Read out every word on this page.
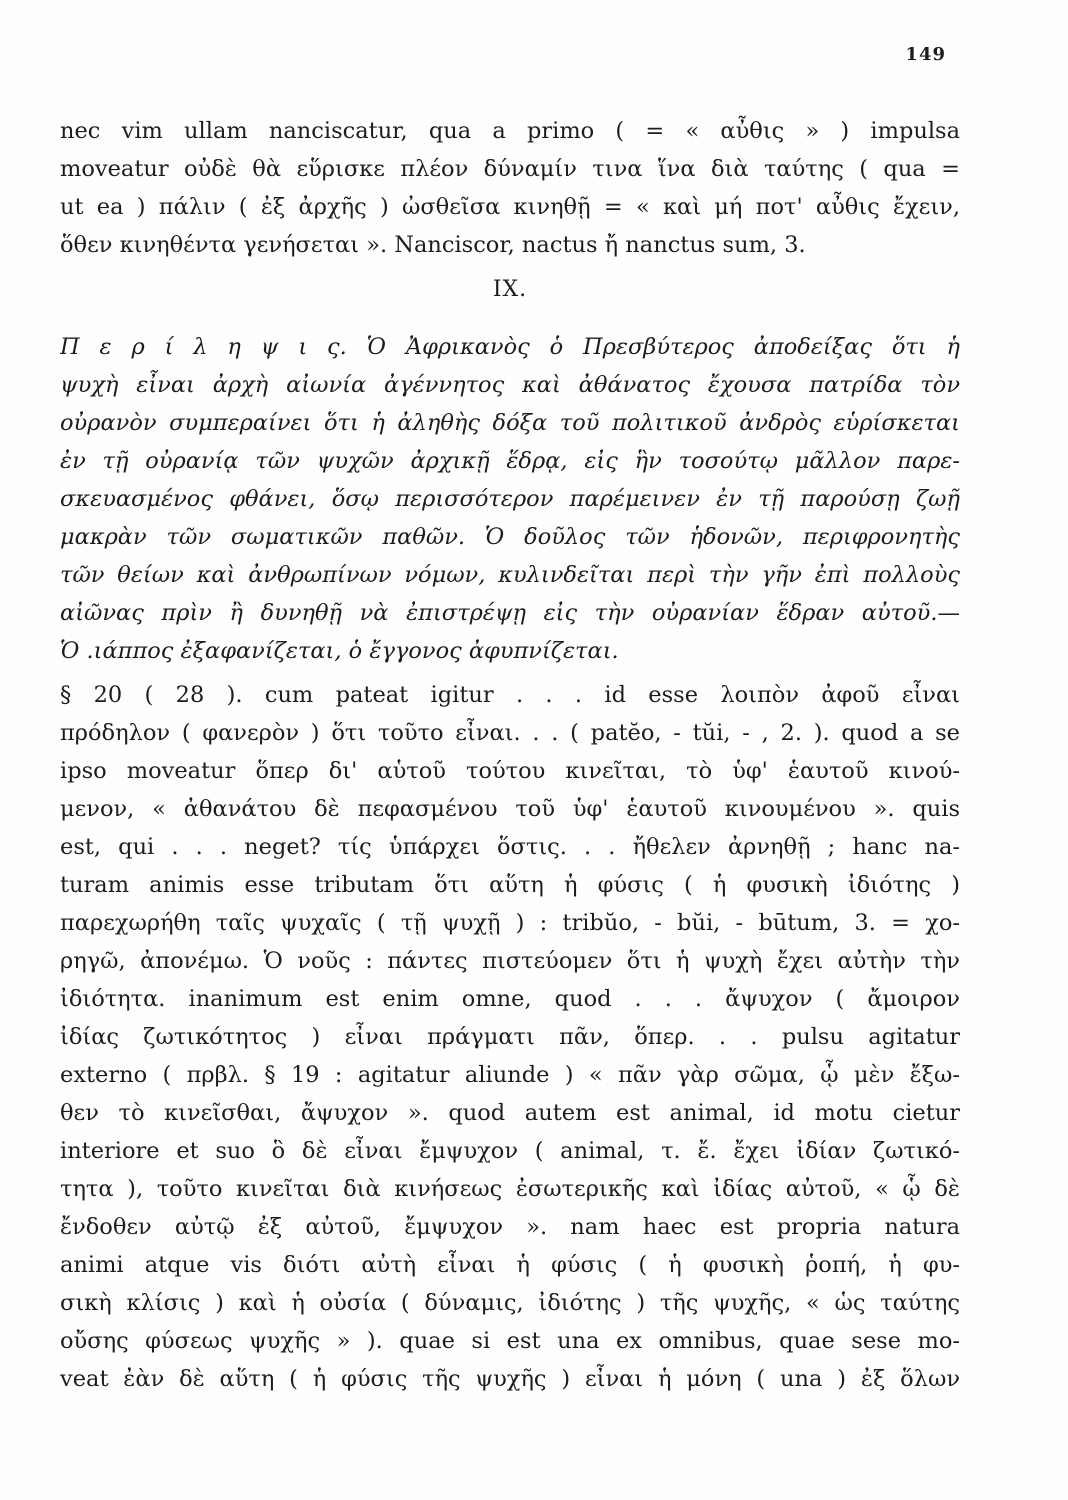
149
nec vim ullam nanciscatur, qua a primo ( = « αὖθις » ) impulsa
moveatur οὐδὲ θὰ εὕρισκε πλέον δύναμίν τινα ἵνα διὰ ταύτης ( qua =
ut ea ) πάλιν ( ἐξ ἀρχῆς ) ὠσθεῖσα κινηθῇ = « καὶ μή ποτ' αὖθις ἔχειν,
ὅθεν κινηθέντα γενήσεται ». Nanciscor, nactus ἤ nanctus sum, 3.
IX.
Π ε ρ ί λ η ψ ι ς. Ὁ Ἀφρικανὸς ὁ Πρεσβύτερος ἀποδείξας ὅτι ἡ
ψυχὴ εἶναι ἀρχὴ αἰωνία ἀγέννητος καὶ ἀθάνατος ἔχουσα πατρίδα τὸν
οὐρανὸν συμπεραίνει ὅτι ἡ ἀληθὴς δόξα τοῦ πολιτικοῦ ἀνδρὸς εὑρίσκεται
ἐν τῇ οὐρανίᾳ τῶν ψυχῶν ἀρχικῇ ἕδρᾳ, εἰς ἣν τοσούτῳ μᾶλλον παρε-
σκευασμένος φθάνει, ὅσῳ περισσότερον παρέμεινεν ἐν τῇ παρούσῃ ζωῇ
μακρὰν τῶν σωματικῶν παθῶν. Ὁ δοῦλος τῶν ἡδονῶν, περιφρονητὴς
τῶν θείων καὶ ἀνθρωπίνων νόμων, κυλινδεῖται περὶ τὴν γῆν ἐπὶ πολλοὺς
αἰῶνας πρὶν ἢ δυνηθῇ νὰ ἐπιστρέψῃ εἰς τὴν οὐρανίαν ἕδραν αὐτοῦ.—
Ὁ .ιάππος ἐξαφανίζεται, ὁ ἔγγονος ἀφυπνίζεται.
§ 20 ( 28 ). cum pateat igitur . . . id esse λοιπὸν ἀφοῦ εἶναι
πρόδηλον ( φανερὸν ) ὅτι τοῦτο εἶναι. . . ( patĕo, - tŭi, - , 2. ). quod a se
ipso moveatur ὅπερ δι' αὑτοῦ τούτου κινεῖται, τὸ ὑφ' ἑαυτοῦ κινού-
μενον, « ἀθανάτου δὲ πεφασμένου τοῦ ὑφ' ἑαυτοῦ κινουμένου ». quis
est, qui . . . neget? τίς ὑπάρχει ὅστις. . . ἤθελεν ἀρνηθῇ ; hanc na-
turam animis esse tributam ὅτι αὕτη ἡ φύσις ( ἡ φυσικὴ ἰδιότης )
παρεχωρήθη ταῖς ψυχαῖς ( τῇ ψυχῇ ) : tribŭo, - bŭi, - būtum, 3. = χο-
ρηγῶ, ἀπονέμω. Ὁ νοῦς : πάντες πιστεύομεν ὅτι ἡ ψυχὴ ἔχει αὐτὴν τὴν
ἰδιότητα. inanimum est enim omne, quod . . . ἄψυχον ( ἄμοιρον
ἰδίας ζωτικότητος ) εἶναι πράγματι πᾶν, ὅπερ. . . pulsu agitatur
externo ( πρβλ. § 19 : agitatur aliunde ) « πᾶν γὰρ σῶμα, ᾧ μὲν ἔξω-
θεν τὸ κινεῖσθαι, ἄψυχον ». quod autem est animal, id motu cietur
interiore et suo ὃ δὲ εἶναι ἔμψυχον ( animal, τ. ἔ. ἔχει ἰδίαν ζωτικό-
τητα ), τοῦτο κινεῖται διὰ κινήσεως ἐσωτερικῆς καὶ ἰδίας αὐτοῦ, « ᾧ δὲ
ἔνδοθεν αὐτῷ ἐξ αὐτοῦ, ἔμψυχον ». nam haec est propria natura
animi atque vis διότι αὐτὴ εἶναι ἡ φύσις ( ἡ φυσικὴ ῥοπή, ἡ φυ-
σικὴ κλίσις ) καὶ ἡ οὐσία ( δύναμις, ἰδιότης ) τῆς ψυχῆς, « ὡς ταύτης
οὔσης φύσεως ψυχῆς » ). quae si est una ex omnibus, quae sese mo-
veat ἐὰν δὲ αὕτη ( ἡ φύσις τῆς ψυχῆς ) εἶναι ἡ μόνη ( una ) ἐξ ὅλων
